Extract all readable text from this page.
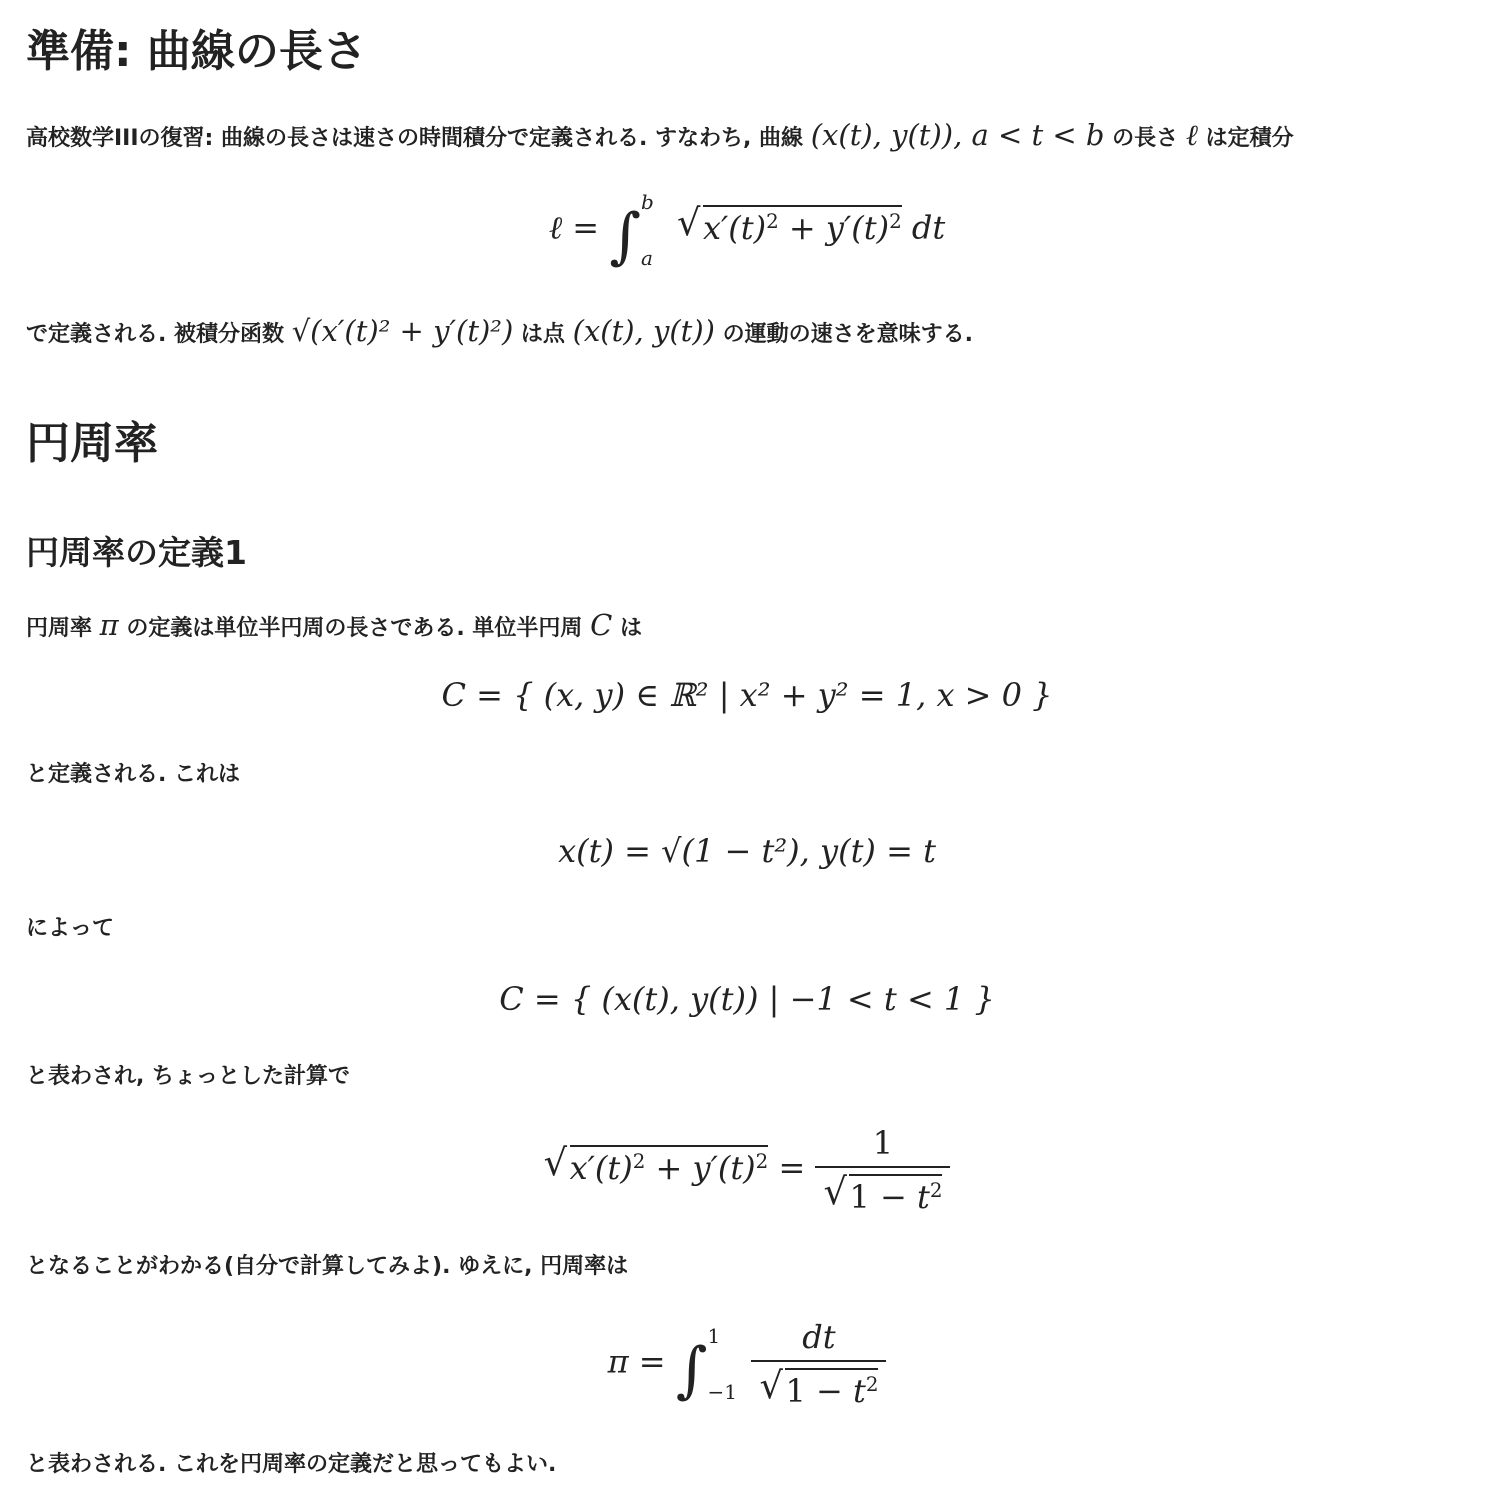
準備: 曲線の長さ
高校数学IIIの復習: 曲線の長さは速さの時間積分で定義される. すなわち, 曲線 (x(t), y(t)), a < t < b の長さ ℓ は定積分
ℓ = ∫ b
a
√ $x'(t)^2 + y'(t)^2$ dt
で定義される. 被積分函数 √(x′(t)² + y′(t)²) は点 (x(t), y(t)) の運動の速さを意味する.
円周率
円周率の定義1
円周率 π の定義は単位半円周の長さである. 単位半円周 C は
C = { (x, y) ∈ ℝ² | x² + y² = 1, x > 0 }
と定義される. これは
x(t) = √(1 − t²), y(t) = t
によって
C = { (x(t), y(t)) | −1 < t < 1 }
と表わされ, ちょっとした計算で
√ $x'(t)^2 + y'(t)^2 = \frac{1}{√ 1 - t^2}$
となることがわかる(自分で計算してみよ). ゆえに, 円周率は
π = ∫ 1
$-1 \frac{dt}{√ 1 - t^2}$
と表わされる. これを円周率の定義だと思ってもよい.
